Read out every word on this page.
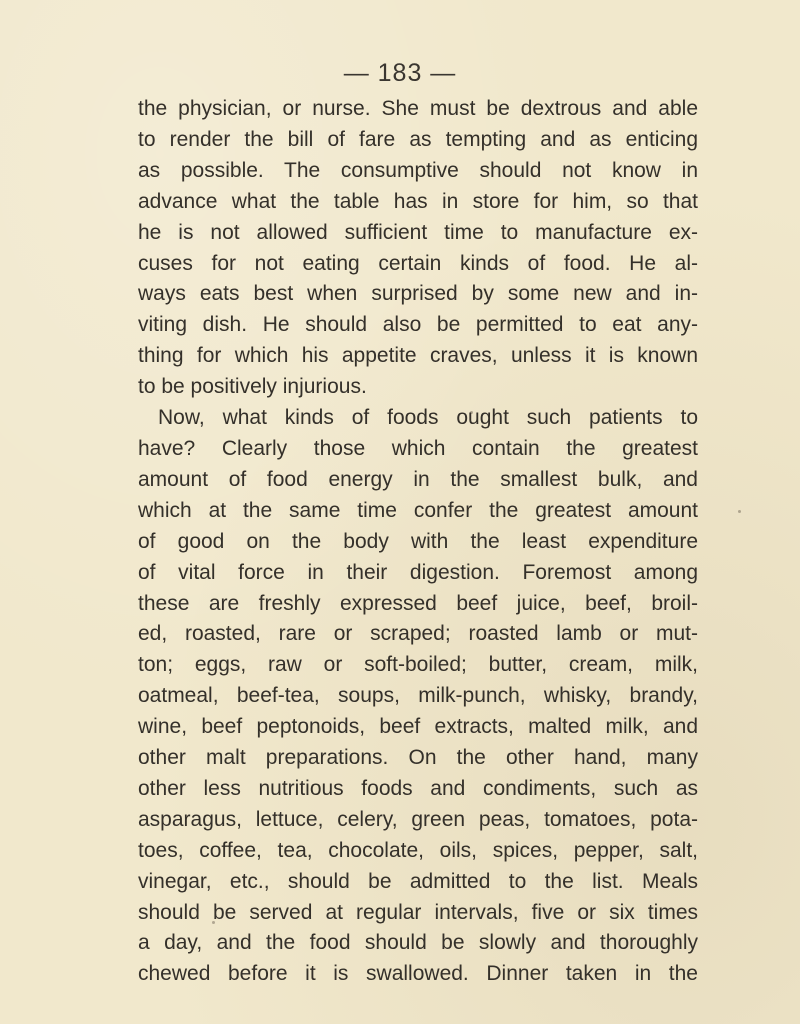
— 183 —
the physician, or nurse. She must be dextrous and able
to render the bill of fare as tempting and as enticing
as possible. The consumptive should not know in
advance what the table has in store for him, so that
he is not allowed sufficient time to manufacture ex-
cuses for not eating certain kinds of food. He al-
ways eats best when surprised by some new and in-
viting dish. He should also be permitted to eat any-
thing for which his appetite craves, unless it is known
to be positively injurious.
Now, what kinds of foods ought such patients to
have? Clearly those which contain the greatest
amount of food energy in the smallest bulk, and
which at the same time confer the greatest amount
of good on the body with the least expenditure
of vital force in their digestion. Foremost among
these are freshly expressed beef juice, beef, broil-
ed, roasted, rare or scraped; roasted lamb or mut-
ton; eggs, raw or soft-boiled; butter, cream, milk,
oatmeal, beef-tea, soups, milk-punch, whisky, brandy,
wine, beef peptonoids, beef extracts, malted milk, and
other malt preparations. On the other hand, many
other less nutritious foods and condiments, such as
asparagus, lettuce, celery, green peas, tomatoes, pota-
toes, coffee, tea, chocolate, oils, spices, pepper, salt,
vinegar, etc., should be admitted to the list. Meals
should be served at regular intervals, five or six times
a day, and the food should be slowly and thoroughly
chewed before it is swallowed. Dinner taken in the
